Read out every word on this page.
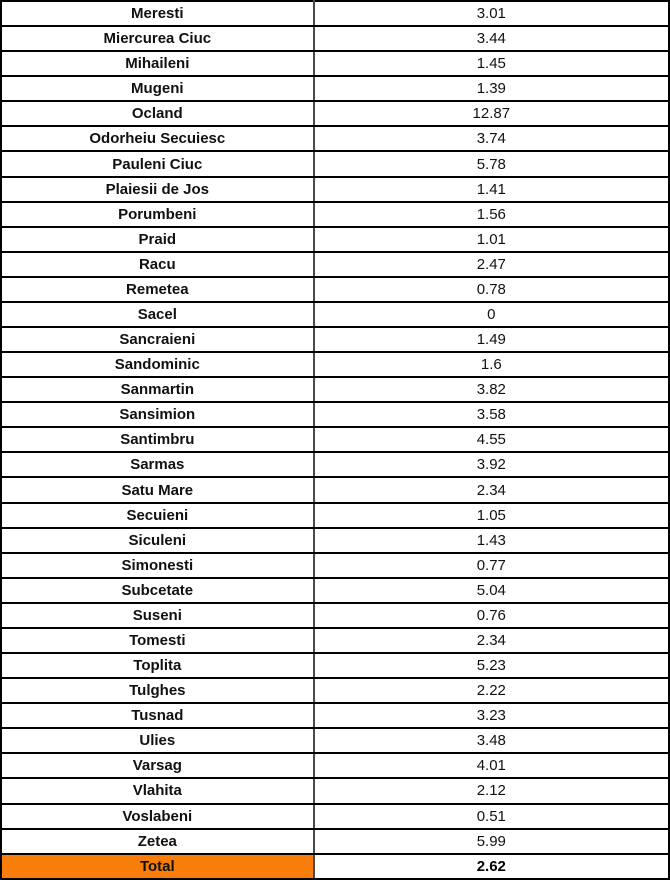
Meresti	3.01
Miercurea Ciuc	3.44
Mihaileni	1.45
Mugeni	1.39
Ocland	12.87
Odorheiu Secuiesc	3.74
Pauleni Ciuc	5.78
Plaiesii de Jos	1.41
Porumbeni	1.56
Praid	1.01
Racu	2.47
Remetea	0.78
Sacel	0
Sancraieni	1.49
Sandominic	1.6
Sanmartin	3.82
Sansimion	3.58
Santimbru	4.55
Sarmas	3.92
Satu Mare	2.34
Secuieni	1.05
Siculeni	1.43
Simonesti	0.77
Subcetate	5.04
Suseni	0.76
Tomesti	2.34
Toplita	5.23
Tulghes	2.22
Tusnad	3.23
Ulies	3.48
Varsag	4.01
Vlahita	2.12
Voslabeni	0.51
Zetea	5.99
Total	2.62
